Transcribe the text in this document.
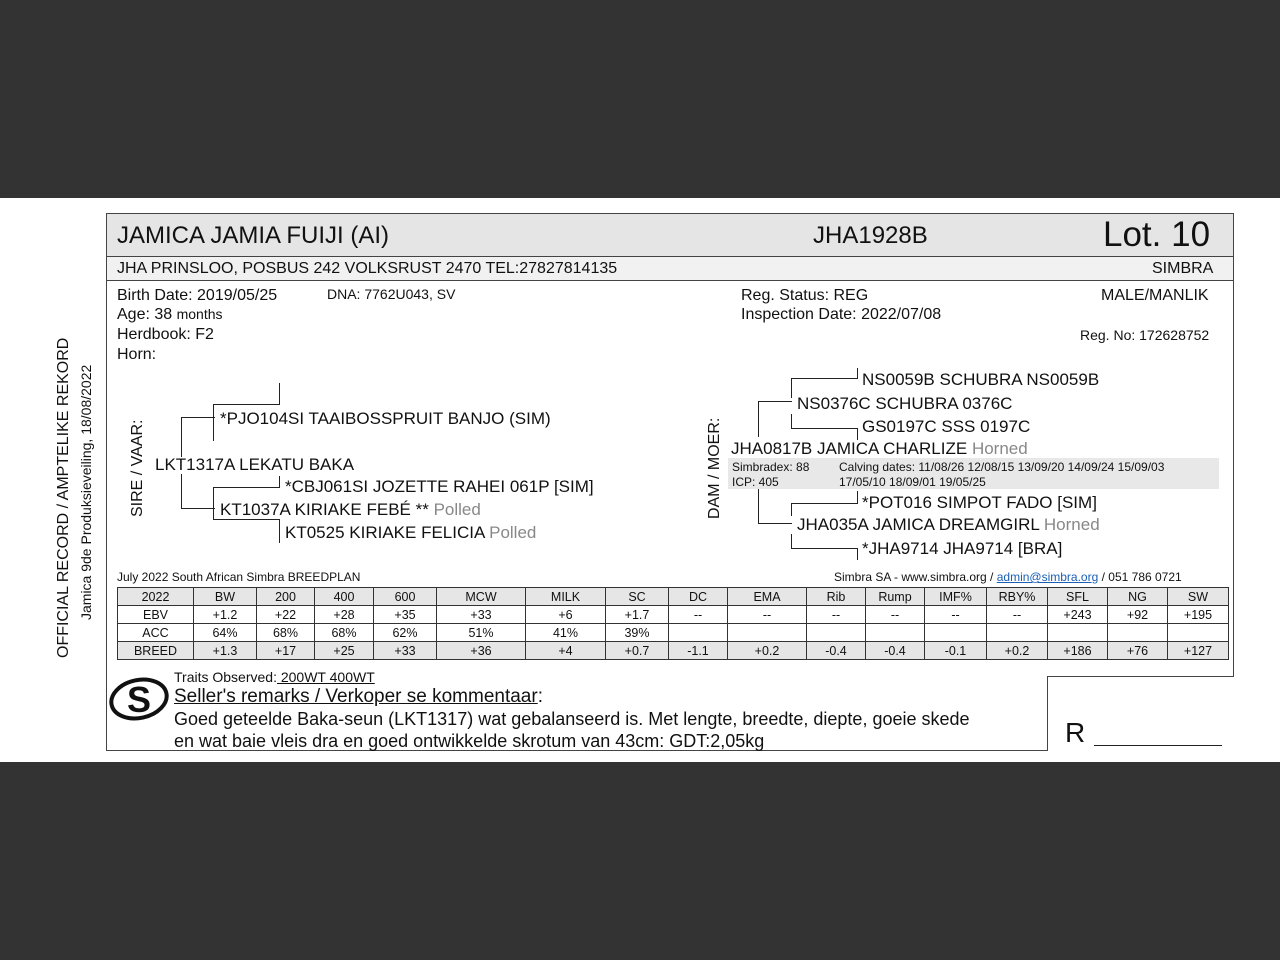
JAMICA JAMIA FUIJI (AI)	JHA1928B	Lot. 10
JHA PRINSLOO, POSBUS 242 VOLKSRUST 2470 TEL:27827814135	SIMBRA
Birth Date: 2019/05/25	DNA: 7762U043, SV
Age: 38 months
Herdbook: F2
Horn:
Reg. Status: REG
Inspection Date: 2022/07/08
MALE/MANLIK
Reg. No: 172628752
OFFICIAL RECORD / AMPTELIKE REKORD Jamica 9de Produksieveiling, 18/08/2022 SIRE / VAAR:
*PJO104SI TAAIBOSSPRUIT BANJO (SIM)
LKT1317A LEKATU BAKA
*CBJ061SI JOZETTE RAHEI 061P [SIM]
KT1037A KIRIAKE FEBÉ ** Polled
KT0525 KIRIAKE FELICIA Polled
DAM / MOER:
NS0059B SCHUBRA NS0059B
NS0376C SCHUBRA 0376C
GS0197C SSS 0197C
JHA0817B JAMICA CHARLIZE Horned
Simbradex: 88
ICP: 405
Calving dates: 11/08/26 12/08/15 13/09/20 14/09/24 15/09/03
17/05/10 18/09/01 19/05/25
*POT016 SIMPOT FADO [SIM]
JHA035A JAMICA DREAMGIRL Horned
*JHA9714 JHA9714 [BRA]
July 2022 South African Simbra BREEDPLAN	Simbra SA - www.simbra.org / admin@simbra.org / 051 786 0721
2022	BW	200	400	600	MCW	MILK	SC	DC	EMA	Rib	Rump	IMF%	RBY%	SFL	NG	SW
EBV	+1.2	+22	+28	+35	+33	+6	+1.7	--	--	--	--	--	--	+243	+92	+195
ACC	64%	68%	68%	62%	51%	41%	39%									
BREED	+1.3	+17	+25	+33	+36	+4	+0.7	-1.1	+0.2	-0.4	-0.4	-0.1	+0.2	+186	+76	+127
S
Traits Observed: 200WT 400WT
Seller's remarks / Verkoper se kommentaar:
Goed geteelde Baka-seun (LKT1317) wat gebalanseerd is. Met lengte, breedte, diepte, goeie skede
en wat baie vleis dra en goed ontwikkelde skrotum van 43cm: GDT:2,05kg	R
